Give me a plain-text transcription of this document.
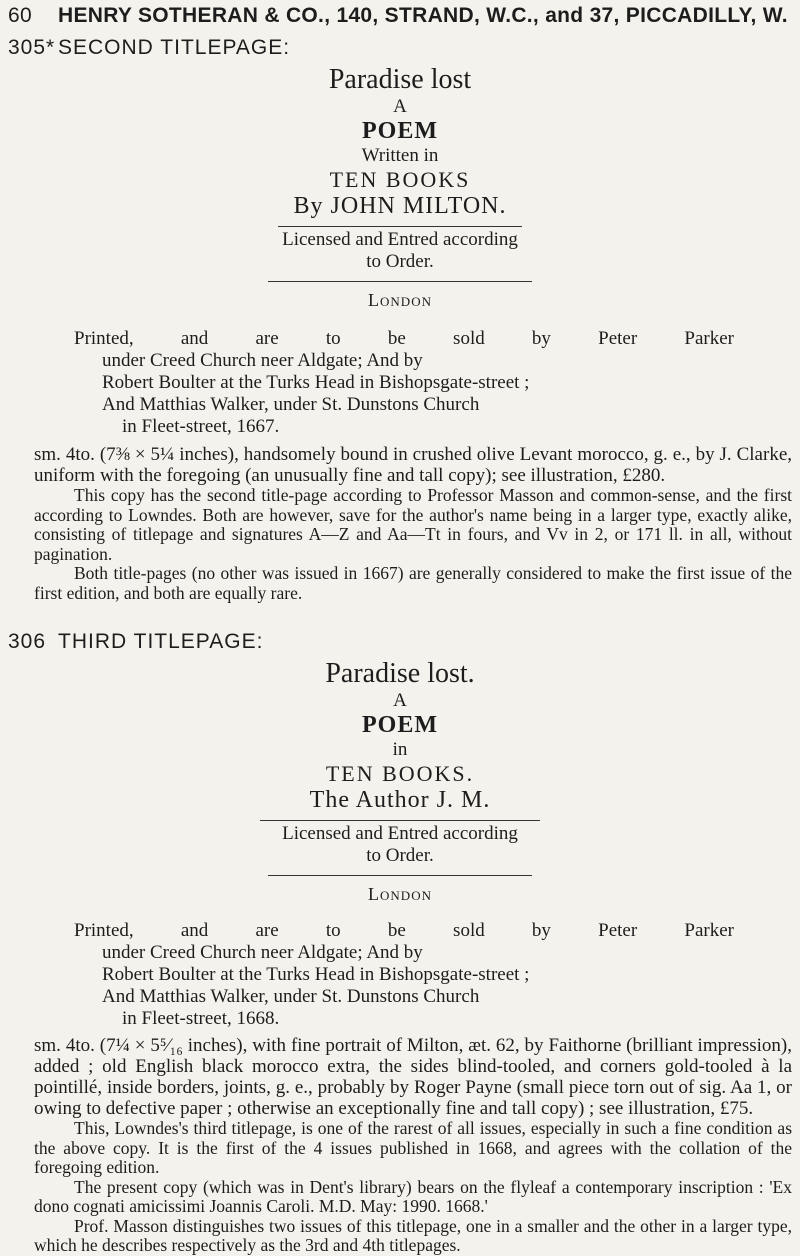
60 HENRY SOTHERAN & CO., 140, STRAND, W.C., and 37, PICCADILLY, W.
305* SECOND TITLEPAGE:
Paradise lost
A
POEM
Written in
TEN BOOKS
By JOHN MILTON.
Licensed and Entred according
to Order.
London
Printed, and are to be sold by Peter Parker
under Creed Church neer Aldgate; And by
Robert Boulter at the Turks Head in Bishopsgate-street ;
And Matthias Walker, under St. Dunstons Church
in Fleet-street, 1667.

sm. 4to. (7⅜ × 5¼ inches), handsomely bound in crushed olive Levant morocco, g. e., by J. Clarke, uniform with the foregoing (an unusually fine and tall copy); see illustration, £280.

This copy has the second title-page according to Professor Masson and common-sense, and the first according to Lowndes. Both are however, save for the author's name being in a larger type, exactly alike, consisting of titlepage and signatures A—Z and Aa—Tt in fours, and Vv in 2, or 171 ll. in all, without pagination.

Both title-pages (no other was issued in 1667) are generally considered to make the first issue of the first edition, and both are equally rare.

306 THIRD TITLEPAGE:
Paradise lost.
A
POEM
in
TEN BOOKS.
The Author J. M.
Licensed and Entred according
to Order.
London
Printed, and are to be sold by Peter Parker
under Creed Church neer Aldgate; And by
Robert Boulter at the Turks Head in Bishopsgate-street ;
And Matthias Walker, under St. Dunstons Church
in Fleet-street, 1668.

sm. 4to. (7¼ × 5⁵⁄₁₆ inches), with fine portrait of Milton, æt. 62, by Faithorne (brilliant impression), added ; old English black morocco extra, the sides blind-tooled, and corners gold-tooled à la pointillé, inside borders, joints, g. e., probably by Roger Payne (small piece torn out of sig. Aa 1, or owing to defective paper ; otherwise an exceptionally fine and tall copy) ; see illustration, £75.

This, Lowndes's third titlepage, is one of the rarest of all issues, especially in such a fine condition as the above copy. It is the first of the 4 issues published in 1668, and agrees with the collation of the foregoing edition.

The present copy (which was in Dent's library) bears on the flyleaf a contemporary inscription : 'Ex dono cognati amicissimi Joannis Caroli. M.D. May: 1990. 1668.'

Prof. Masson distinguishes two issues of this titlepage, one in a smaller and the other in a larger type, which he describes respectively as the 3rd and 4th titlepages.
